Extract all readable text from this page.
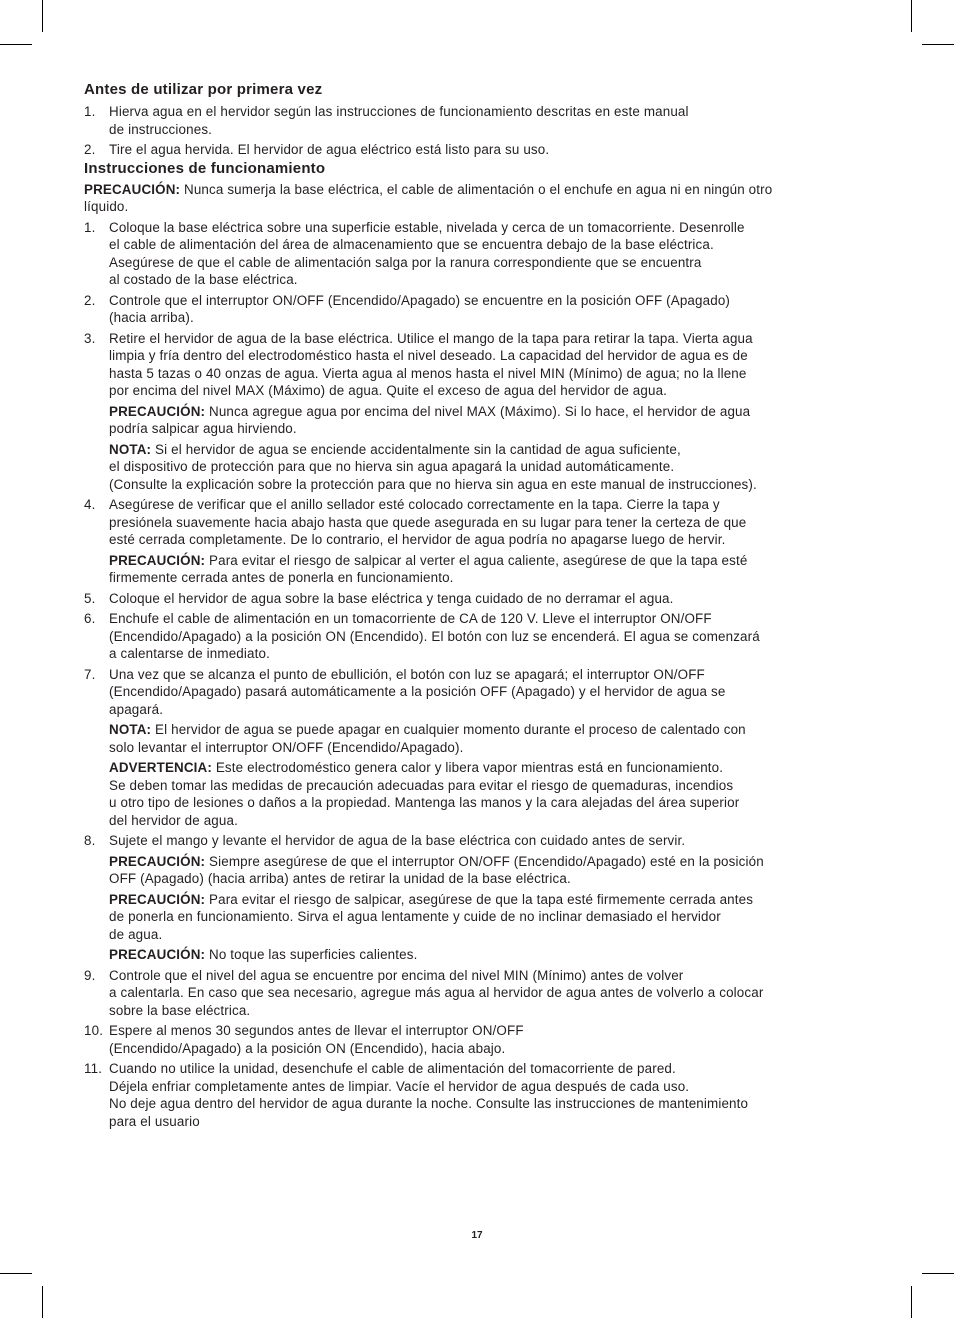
Antes de utilizar por primera vez
1. Hierva agua en el hervidor según las instrucciones de funcionamiento descritas en este manual
de instrucciones.
2. Tire el agua hervida. El hervidor de agua eléctrico está listo para su uso.
Instrucciones de funcionamiento
PRECAUCIÓN: Nunca sumerja la base eléctrica, el cable de alimentación o el enchufe en agua ni en ningún otro
líquido.
1. Coloque la base eléctrica sobre una superficie estable, nivelada y cerca de un tomacorriente. Desenrolle
el cable de alimentación del área de almacenamiento que se encuentra debajo de la base eléctrica.
Asegúrese de que el cable de alimentación salga por la ranura correspondiente que se encuentra
al costado de la base eléctrica.
2. Controle que el interruptor ON/OFF (Encendido/Apagado) se encuentre en la posición OFF (Apagado)
(hacia arriba).
3. Retire el hervidor de agua de la base eléctrica. Utilice el mango de la tapa para retirar la tapa. Vierta agua
limpia y fría dentro del electrodoméstico hasta el nivel deseado. La capacidad del hervidor de agua es de
hasta 5 tazas o 40 onzas de agua. Vierta agua al menos hasta el nivel MIN (Mínimo) de agua; no la llene
por encima del nivel MAX (Máximo) de agua. Quite el exceso de agua del hervidor de agua.
PRECAUCIÓN: Nunca agregue agua por encima del nivel MAX (Máximo). Si lo hace, el hervidor de agua
podría salpicar agua hirviendo.
NOTA: Si el hervidor de agua se enciende accidentalmente sin la cantidad de agua suficiente,
el dispositivo de protección para que no hierva sin agua apagará la unidad automáticamente.
(Consulte la explicación sobre la protección para que no hierva sin agua en este manual de instrucciones).
4. Asegúrese de verificar que el anillo sellador esté colocado correctamente en la tapa. Cierre la tapa y
presiónela suavemente hacia abajo hasta que quede asegurada en su lugar para tener la certeza de que
esté cerrada completamente. De lo contrario, el hervidor de agua podría no apagarse luego de hervir.
PRECAUCIÓN: Para evitar el riesgo de salpicar al verter el agua caliente, asegúrese de que la tapa esté
firmemente cerrada antes de ponerla en funcionamiento.
5. Coloque el hervidor de agua sobre la base eléctrica y tenga cuidado de no derramar el agua.
6. Enchufe el cable de alimentación en un tomacorriente de CA de 120 V. Lleve el interruptor ON/OFF
(Encendido/Apagado) a la posición ON (Encendido). El botón con luz se encenderá. El agua se comenzará
a calentarse de inmediato.
7. Una vez que se alcanza el punto de ebullición, el botón con luz se apagará; el interruptor ON/OFF
(Encendido/Apagado) pasará automáticamente a la posición OFF (Apagado) y el hervidor de agua se
apagará.
NOTA: El hervidor de agua se puede apagar en cualquier momento durante el proceso de calentado con
solo levantar el interruptor ON/OFF (Encendido/Apagado).
ADVERTENCIA: Este electrodoméstico genera calor y libera vapor mientras está en funcionamiento.
Se deben tomar las medidas de precaución adecuadas para evitar el riesgo de quemaduras, incendios
u otro tipo de lesiones o daños a la propiedad. Mantenga las manos y la cara alejadas del área superior
del hervidor de agua.
8. Sujete el mango y levante el hervidor de agua de la base eléctrica con cuidado antes de servir.
PRECAUCIÓN: Siempre asegúrese de que el interruptor ON/OFF (Encendido/Apagado) esté en la posición
OFF (Apagado) (hacia arriba) antes de retirar la unidad de la base eléctrica.
PRECAUCIÓN: Para evitar el riesgo de salpicar, asegúrese de que la tapa esté firmemente cerrada antes
de ponerla en funcionamiento. Sirva el agua lentamente y cuide de no inclinar demasiado el hervidor
de agua.
PRECAUCIÓN: No toque las superficies calientes.
9. Controle que el nivel del agua se encuentre por encima del nivel MIN (Mínimo) antes de volver
a calentarla. En caso que sea necesario, agregue más agua al hervidor de agua antes de volverlo a colocar
sobre la base eléctrica.
10. Espere al menos 30 segundos antes de llevar el interruptor ON/OFF
(Encendido/Apagado) a la posición ON (Encendido), hacia abajo.
11. Cuando no utilice la unidad, desenchufe el cable de alimentación del tomacorriente de pared.
Déjela enfriar completamente antes de limpiar. Vacíe el hervidor de agua después de cada uso.
No deje agua dentro del hervidor de agua durante la noche. Consulte las instrucciones de mantenimiento
para el usuario
17
